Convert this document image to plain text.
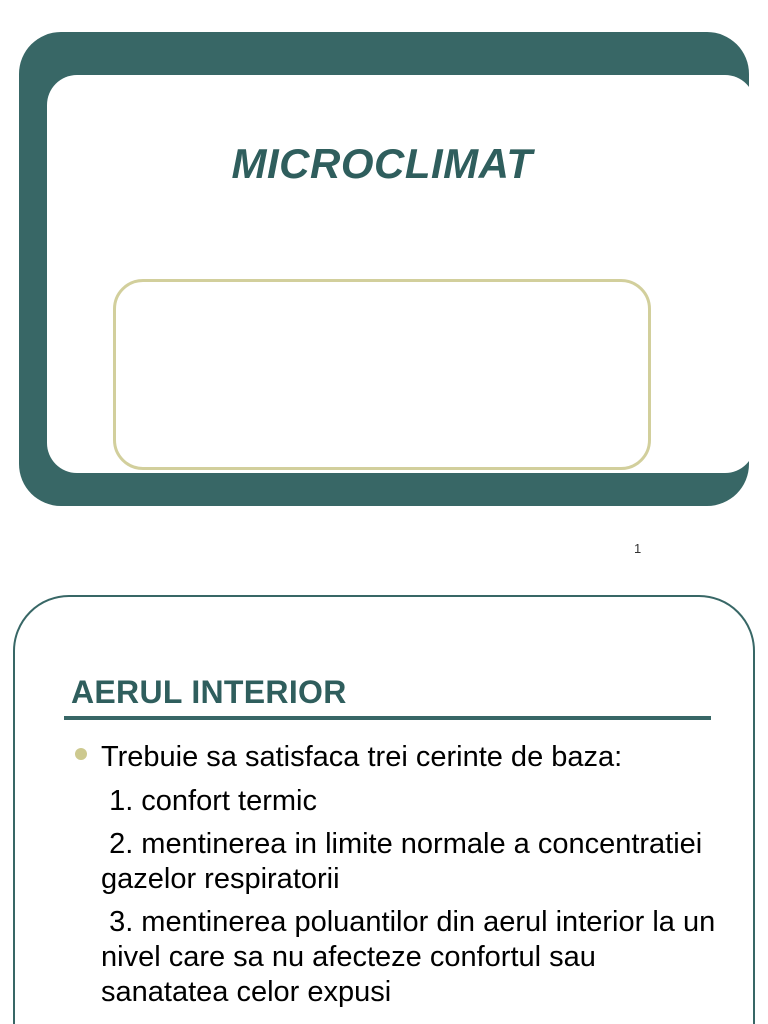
MICROCLIMAT
1
AERUL INTERIOR

Trebuie sa satisfaca trei cerinte de baza:

1. confort termic

2. mentinerea in limite normale a concentratiei gazelor respiratorii

3. mentinerea poluantilor din aerul interior la un nivel care sa nu afecteze confortul sau sanatatea celor expusi
